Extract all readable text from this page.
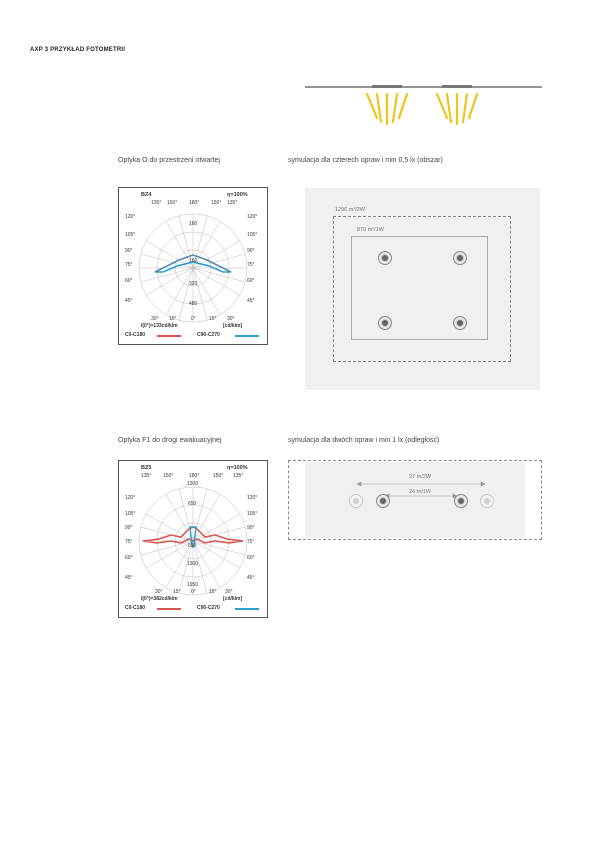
AXP 3 PRZYKŁAD FOTOMETRII
Optyka O do przestrzeni otwartej	symulacja dla czterech opraw i min 0,5 lx (obszar)
BZ4	η=100%
135° 150° 180° 150° 135°
120°
105°
90°
75°
60°
45°
120°
105°
90°
75°
60°
45°
160
160
320
480
30° 15°	0°	15° 30°
I(0°)=133cd/klm	[cd/klm]
C0-C180	C90-C270
1296 m²/2W
870 m²/1W
Optyka F1 do drogi ewakuacyjnej	symulacja dla dwóch opraw i min 1 lx (odległość)
BZ5	η=100%
135° 150°	180°	150° 135°
120°
105°
90°
75°
60°
45°
120°
105°
90°
75°
60°
45°
1300
650
650
1300
1950
30° 15° 0°	15° 30°
I(0°)=382cd/klm	[cd/klm]
C0-C180	C90-C270
27 m/2W
24 m/1W
